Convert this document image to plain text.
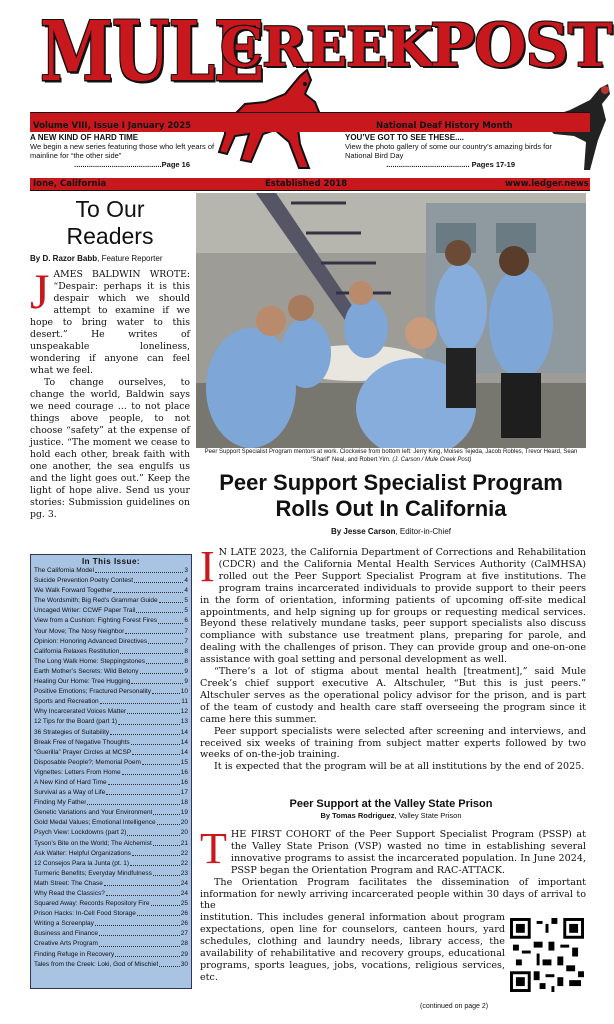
MULE
CREEK
POST
Volume VIII, Issue I January 2025	National Deaf History Month
A NEW KIND OF HARD TIME
We begin a new series featuring those who left years of mainline for “the other side”
..........................................Page 16
YOU’VE GOT TO SEE THESE....
View the photo gallery of some our country’s amazing birds for National Bird Day
........................................ Pages 17-19
Ione, California	Established 2018	www.ledger.news
To Our Readers
By D. Razor Babb, Feature Reporter

JAMES BALDWIN WROTE: “Despair: perhaps it is this despair which we should attempt to examine if we hope to bring water to this desert.” He writes of unspeakable loneliness, wondering if anyone can feel what we feel.

To change ourselves, to change the world, Baldwin says we need courage ... to not place things above people, to not choose “safety” at the expense of justice. “The moment we cease to hold each other, break faith with one another, the sea engulfs us and the light goes out.” Keep the light of hope alive. Send us your stories: Submission guidelines on pg. 3.

In This Issue:
The California Model	3
Suicide Prevention Poetry Contest	4
We Walk Forward Together	4
The Wordsmith; Big Red’s Grammar Guide	5
Uncaged Writer: CCWF Paper Trail	5
View from a Cushion: Fighting Forest Fires	6
Your Move; The Nosy Neighbor	7
Opinion: Honoring Advanced Directives	7
California Relaxes Restitution	8
The Long Walk Home: Steppingstones	8
Earth Mother’s Secrets: Wild Betony	9
Healing Our Home: Tree Hugging	9
Positive Emotions; Fractured Personality	10
Sports and Recreation	11
Why Incarcerated Voices Matter	12
12 Tips for the Board (part 1)	13
36 Strategies of Suitability	14
Break Free of Negative Thoughts	14
“Guerilla” Prayer Circles at MCSP	14
Disposable People?; Memorial Poem	15
Vignettes: Letters From Home	16
A New Kind of Hard Time	16
Survival as a Way of Life	17
Finding My Father	18
Genetic Variations and Your Environment	19
Gold Medal Values; Emotional Intelligence	20
Psych View: Lockdowns (part 2)	20
Tyson’s Bite on the World; The Alchemist	21
Ask Walter: Helpful Organizations	22
12 Consejos Para la Junta (pt. 1)	22
Turmeric Benefits; Everyday Mindfulness	23
Math Street: The Chase	24
Why Read the Classics?	24
Squared Away: Records Repository Fire	25
Prison Hacks: In-Cell Food Storage	26
Writing a Screenplay	26
Business and Finance	27
Creative Arts Program	28
Finding Refuge in Recovery	29
Tales from the Creek: Loki, God of Mischief	30
Peer Support Specialist Program mentors at work. Clockwise from bottom left: Jerry King, Moises Tejeda, Jacob Robles, Trevor Heard, Sean “Sharif” Neal, and Robert Yim. (J. Carson / Mule Creek Post)
Peer Support Specialist Program Rolls Out In California
By Jesse Carson, Editor-in-Chief

I N LATE 2023, the California Department of Corrections and Rehabilitation (CDCR) and the California Mental Health Services Authority (CalMHSA) rolled out the Peer Support Specialist Program at five institutions. The program trains incarcerated individuals to provide support to their peers in the form of orientation, informing patients of upcoming off-site medical appointments, and help signing up for groups or requesting medical services. Beyond these relatively mundane tasks, peer support specialists also discuss compliance with substance use treatment plans, preparing for parole, and dealing with the challenges of prison. They can provide group and one-on-one assistance with goal setting and personal development as well.

“There’s a lot of stigma about mental health [treatment],” said Mule Creek’s chief support executive A. Altschuler, “But this is just peers.” Altschuler serves as the operational policy advisor for the prison, and is part of the team of custody and health care staff overseeing the program since it came here this summer.

Peer support specialists were selected after screening and interviews, and received six weeks of training from subject matter experts followed by two weeks of on-the-job training.

It is expected that the program will be at all institutions by the end of 2025.

Peer Support at the Valley State Prison
By Tomas Rodriguez, Valley State Prison

THE FIRST COHORT of the Peer Support Specialist Program (PSSP) at the Valley State Prison (VSP) wasted no time in establishing several innovative programs to assist the incarcerated population. In June 2024, PSSP began the Orientation Program and RAC-ATTACK.

The Orientation Program facilitates the dissemination of important information for newly arriving incarcerated people within 30 days of arrival to the

institution. This includes general information about program expectations, open line for counselors, canteen hours, yard schedules, clothing and laundry needs, library access, the availability of rehabilitative and recovery groups, educational programs, sports leagues, jobs, vocations, religious services, etc.

(continued on page 2)
